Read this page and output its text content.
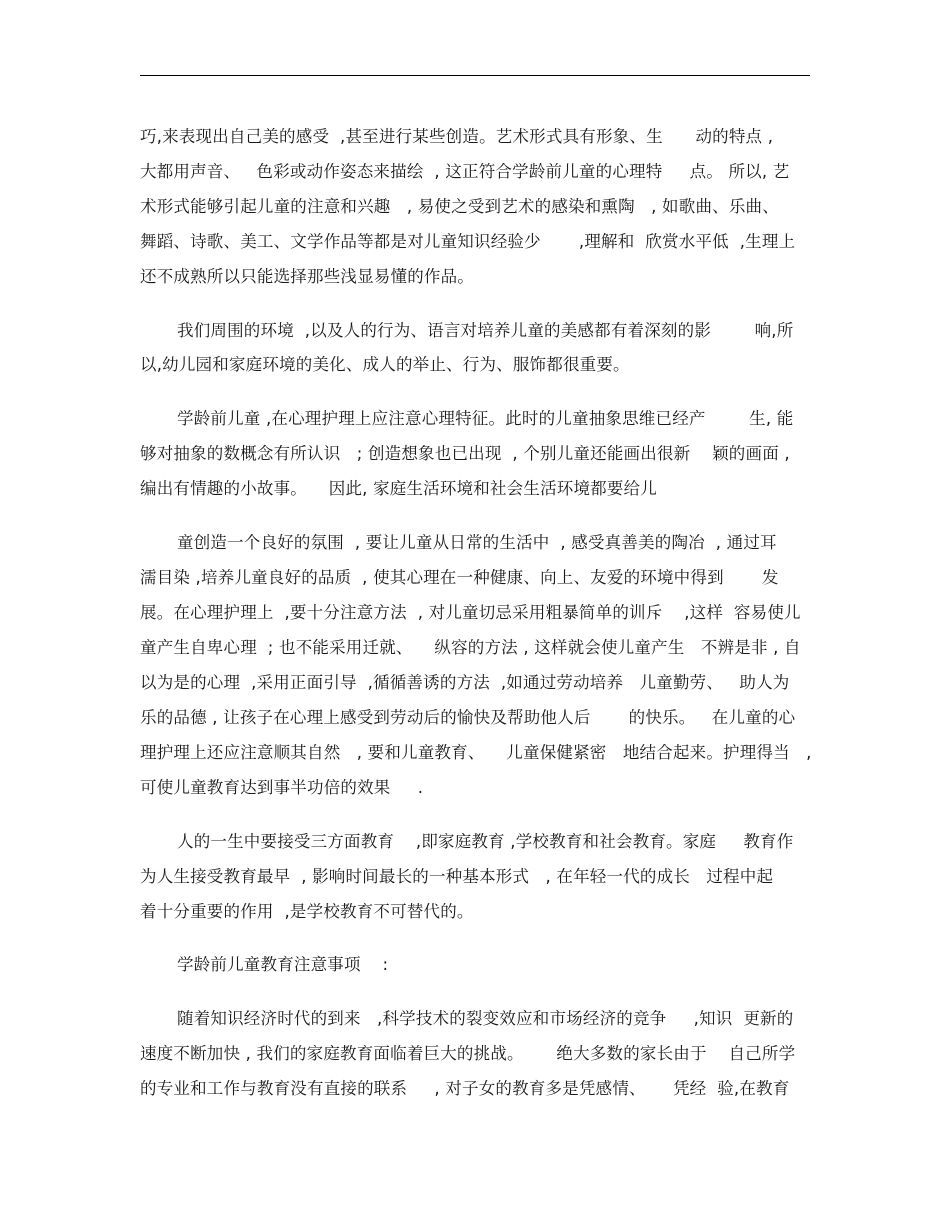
巧,来表现出自己美的感受  ,甚至进行某些创造。艺术形式具有形象、生      动的特点 ,
大都用声音、   色彩或动作姿态来描绘  , 这正符合学龄前儿童的心理特     点。 所以, 艺
术形式能够引起儿童的注意和兴趣   , 易使之受到艺术的感染和熏陶   , 如歌曲、乐曲、
舞蹈、诗歌、美工、文学作品等都是对儿童知识经验少       ,理解和  欣赏水平低  ,生理上
还不成熟所以只能选择那些浅显易懂的作品。
我们周围的环境  ,以及人的行为、语言对培养儿童的美感都有着深刻的影        响,所
以,幼儿园和家庭环境的美化、成人的举止、行为、服饰都很重要。
学龄前儿童 ,在心理护理上应注意心理特征。此时的儿童抽象思维已经产        生, 能
够对抽象的数概念有所认识   ; 创造想象也已出现  , 个别儿童还能画出很新    颖的画面 ,
编出有情趣的小故事。    因此, 家庭生活环境和社会生活环境都要给儿
童创造一个良好的氛围  , 要让儿童从日常的生活中  , 感受真善美的陶冶  , 通过耳
濡目染 ,培养儿童良好的品质  , 使其心理在一种健康、向上、友爱的环境中得到       发
展。在心理护理上  ,要十分注意方法  , 对儿童切忌采用粗暴简单的训斥    ,这样  容易使儿
童产生自卑心理  ; 也不能采用迁就、    纵容的方法 , 这样就会使儿童产生   不辨是非 , 自
以为是的心理  ,采用正面引导  ,循循善诱的方法  ,如通过劳动培养   儿童勤劳、   助人为
乐的品德 , 让孩子在心理上感受到劳动后的愉快及帮助他人后       的快乐。   在儿童的心
理护理上还应注意顺其自然   , 要和儿童教育、    儿童保健紧密   地结合起来。护理得当   ,
可使儿童教育达到事半功倍的效果     .
人的一生中要接受三方面教育    ,即家庭教育 ,学校教育和社会教育。家庭     教育作
为人生接受教育最早  , 影响时间最长的一种基本形式   , 在年轻一代的成长   过程中起
着十分重要的作用  ,是学校教育不可替代的。
学龄前儿童教育注意事项    :
随着知识经济时代的到来   ,科学技术的裂变效应和市场经济的竞争     ,知识  更新的
速度不断加快 , 我们的家庭教育面临着巨大的挑战。      绝大多数的家长由于    自己所学
的专业和工作与教育没有直接的联系     , 对子女的教育多是凭感情、     凭经  验,在教育
